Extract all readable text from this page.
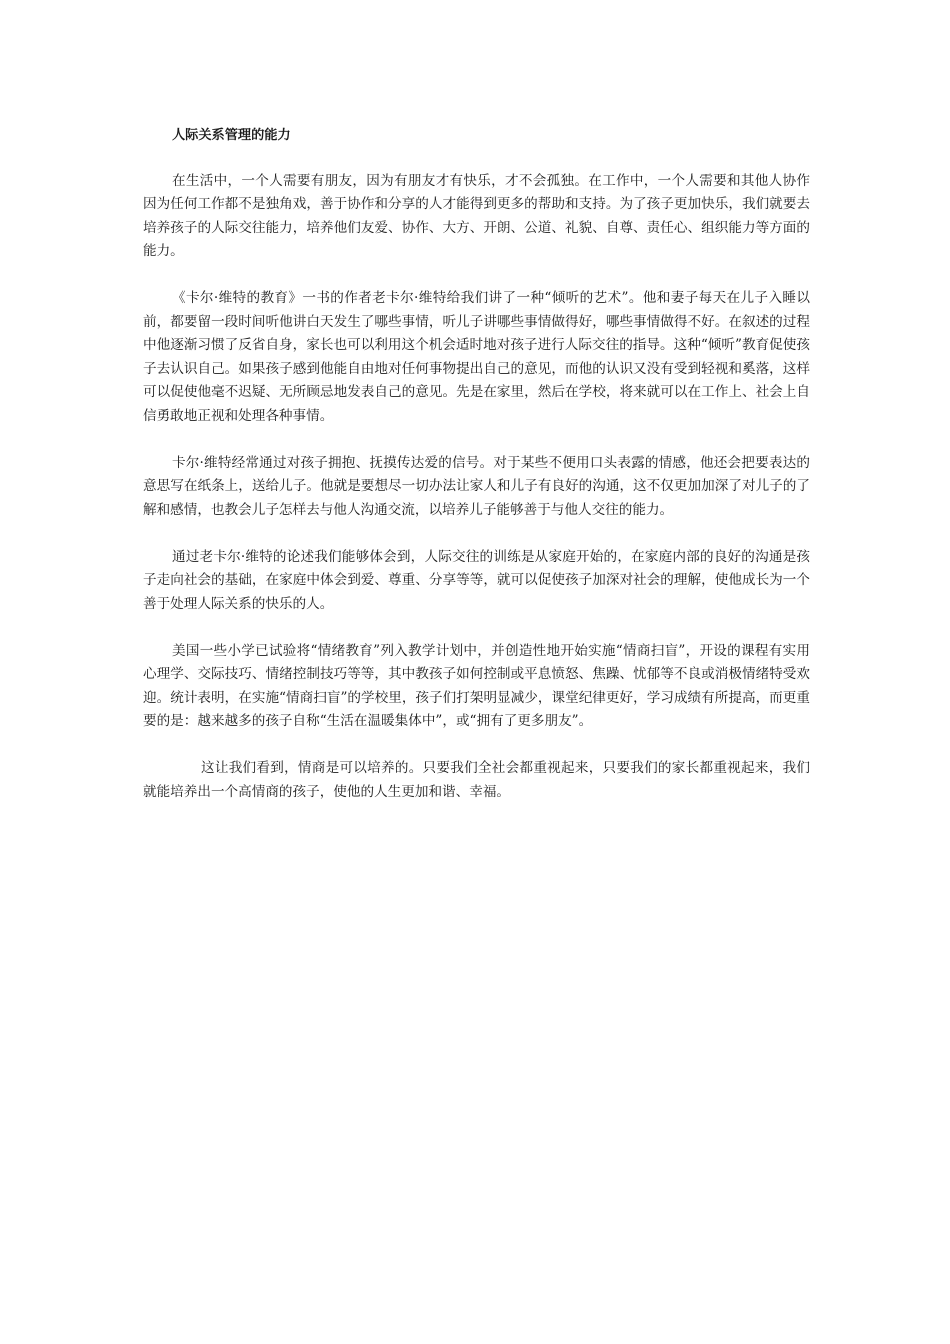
人际关系管理的能力

在生活中，一个人需要有朋友，因为有朋友才有快乐，才不会孤独。在工作中，一个人需要和其他人协作因为任何工作都不是独角戏，善于协作和分享的人才能得到更多的帮助和支持。为了孩子更加快乐，我们就要去培养孩子的人际交往能力，培养他们友爱、协作、大方、开朗、公道、礼貌、自尊、责任心、组织能力等方面的能力。

《卡尔·维特的教育》一书的作者老卡尔·维特给我们讲了一种“倾听的艺术”。他和妻子每天在儿子入睡以前，都要留一段时间听他讲白天发生了哪些事情，听儿子讲哪些事情做得好，哪些事情做得不好。在叙述的过程中他逐渐习惯了反省自身，家长也可以利用这个机会适时地对孩子进行人际交往的指导。这种“倾听”教育促使孩子去认识自己。如果孩子感到他能自由地对任何事物提出自己的意见，而他的认识又没有受到轻视和奚落，这样可以促使他毫不迟疑、无所顾忌地发表自己的意见。先是在家里，然后在学校，将来就可以在工作上、社会上自信勇敢地正视和处理各种事情。

卡尔·维特经常通过对孩子拥抱、抚摸传达爱的信号。对于某些不便用口头表露的情感，他还会把要表达的意思写在纸条上，送给儿子。他就是要想尽一切办法让家人和儿子有良好的沟通，这不仅更加加深了对儿子的了解和感情，也教会儿子怎样去与他人沟通交流，以培养儿子能够善于与他人交往的能力。

通过老卡尔·维特的论述我们能够体会到，人际交往的训练是从家庭开始的，在家庭内部的良好的沟通是孩子走向社会的基础，在家庭中体会到爱、尊重、分享等等，就可以促使孩子加深对社会的理解，使他成长为一个善于处理人际关系的快乐的人。

美国一些小学已试验将“情绪教育”列入教学计划中，并创造性地开始实施“情商扫盲”，开设的课程有实用心理学、交际技巧、情绪控制技巧等等，其中教孩子如何控制或平息愤怒、焦躁、忧郁等不良或消极情绪特受欢迎。统计表明，在实施“情商扫盲”的学校里，孩子们打架明显减少，课堂纪律更好，学习成绩有所提高，而更重要的是：越来越多的孩子自称“生活在温暖集体中”，或“拥有了更多朋友”。

这让我们看到，情商是可以培养的。只要我们全社会都重视起来，只要我们的家长都重视起来，我们就能培养出一个高情商的孩子，使他的人生更加和谐、幸福。
